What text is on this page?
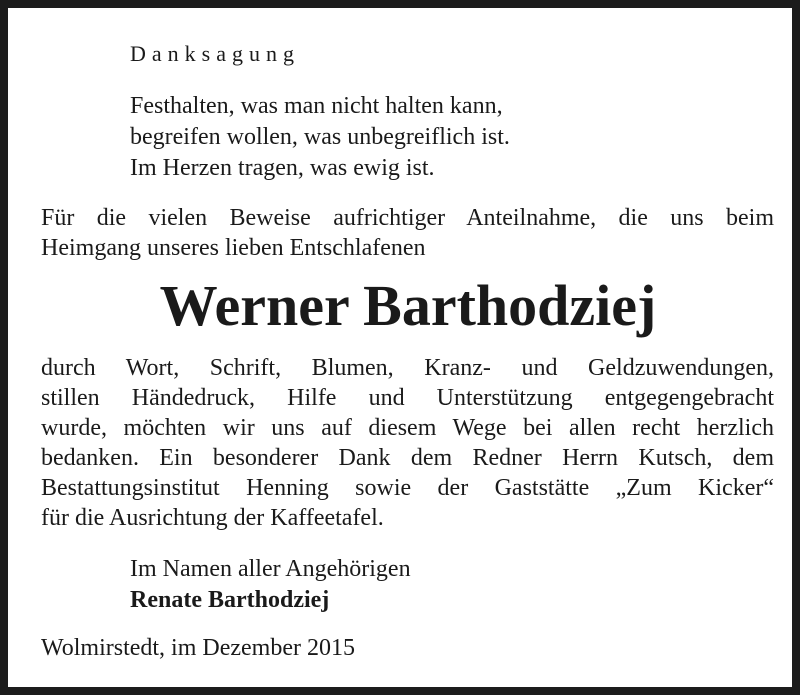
Danksagung
Festhalten, was man nicht halten kann,
begreifen wollen, was unbegreiflich ist.
Im Herzen tragen, was ewig ist.
Für die vielen Beweise aufrichtiger Anteilnahme, die uns beim
Heimgang unseres lieben Entschlafenen
Werner Barthodziej
durch Wort, Schrift, Blumen, Kranz- und Geldzuwendungen,
stillen Händedruck, Hilfe und Unterstützung entgegengebracht
wurde, möchten wir uns auf diesem Wege bei allen recht herzlich
bedanken. Ein besonderer Dank dem Redner Herrn Kutsch, dem
Bestattungsinstitut Henning sowie der Gaststätte „Zum Kicker“
für die Ausrichtung der Kaffeetafel.
Im Namen aller Angehörigen
Renate Barthodziej
Wolmirstedt, im Dezember 2015
